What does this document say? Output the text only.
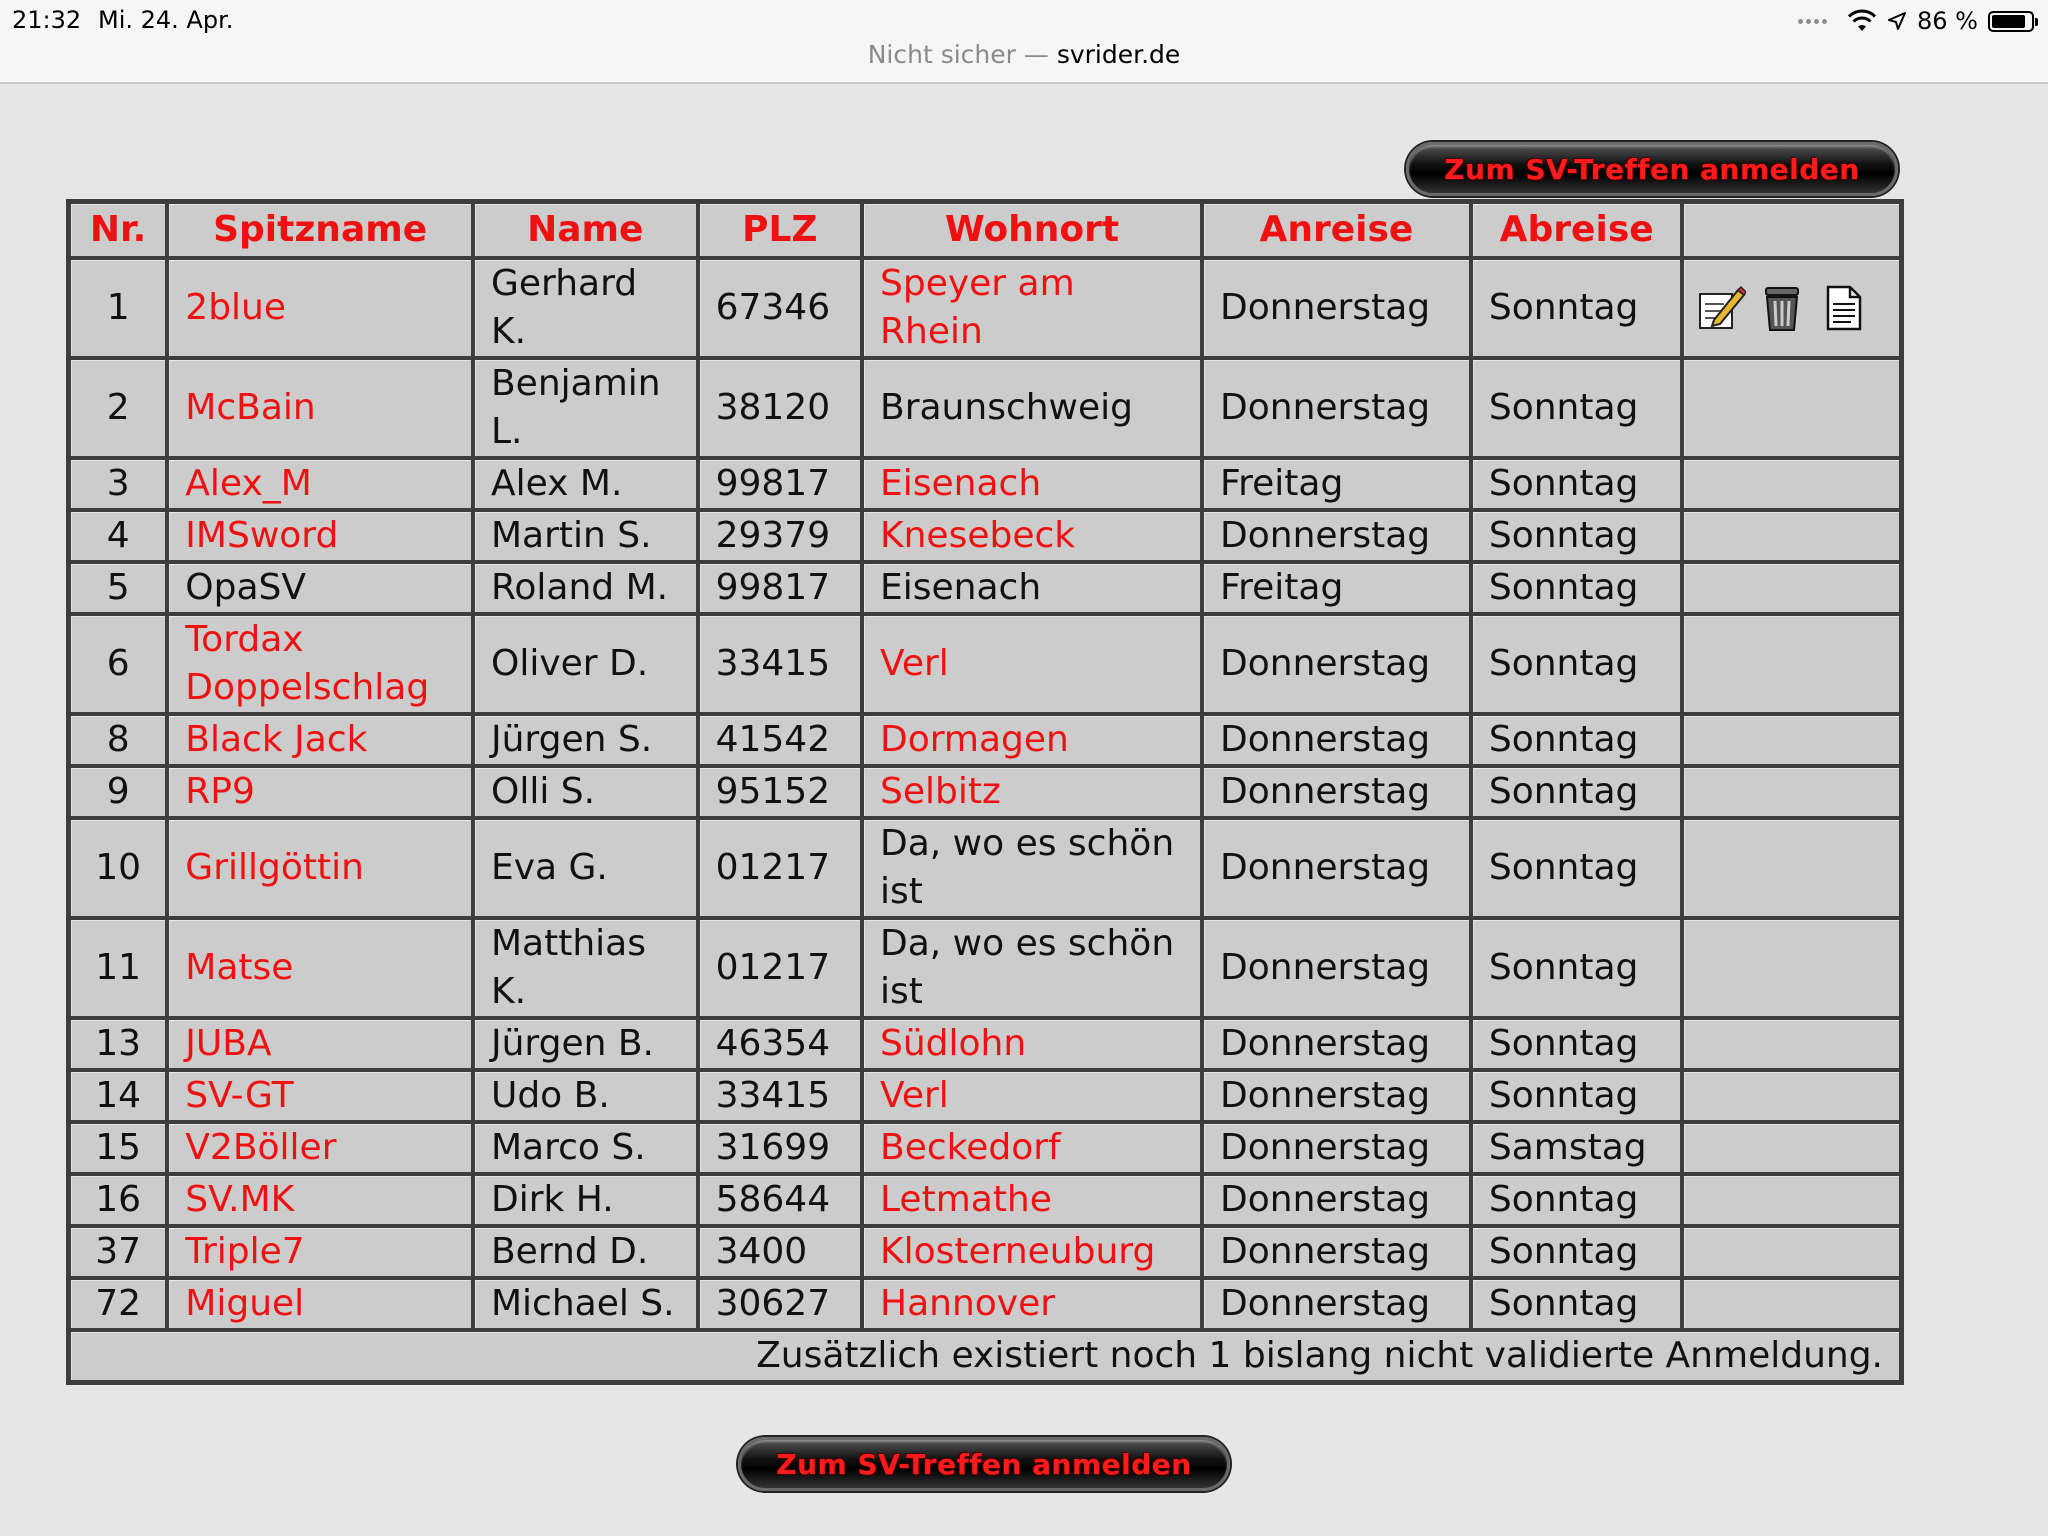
21:32 Mi. 24. Apr.
Nicht sicher — svrider.de
86 %
Zum SV-Treffen anmelden
Nr.	Spitzname	Name	PLZ	Wohnort	Anreise	Abreise	
1	2blue	Gerhard K.	67346	Speyer am Rhein	Donnerstag	Sonntag	
2	McBain	Benjamin L.	38120	Braunschweig	Donnerstag	Sonntag	
3	Alex_M	Alex M.	99817	Eisenach	Freitag	Sonntag	
4	IMSword	Martin S.	29379	Knesebeck	Donnerstag	Sonntag	
5	OpaSV	Roland M.	99817	Eisenach	Freitag	Sonntag	
6	Tordax Doppelschlag	Oliver D.	33415	Verl	Donnerstag	Sonntag	
8	Black Jack	Jürgen S.	41542	Dormagen	Donnerstag	Sonntag	
9	RP9	Olli S.	95152	Selbitz	Donnerstag	Sonntag	
10	Grillgöttin	Eva G.	01217	Da, wo es schön ist	Donnerstag	Sonntag	
11	Matse	Matthias K.	01217	Da, wo es schön ist	Donnerstag	Sonntag	
13	JUBA	Jürgen B.	46354	Südlohn	Donnerstag	Sonntag	
14	SV-GT	Udo B.	33415	Verl	Donnerstag	Sonntag	
15	V2Böller	Marco S.	31699	Beckedorf	Donnerstag	Samstag	
16	SV.MK	Dirk H.	58644	Letmathe	Donnerstag	Sonntag	
37	Triple7	Bernd D.	3400	Klosterneuburg	Donnerstag	Sonntag	
72	Miguel	Michael S.	30627	Hannover	Donnerstag	Sonntag	
Zusätzlich existiert noch 1 bislang nicht validierte Anmeldung.							
Zum SV-Treffen anmelden
